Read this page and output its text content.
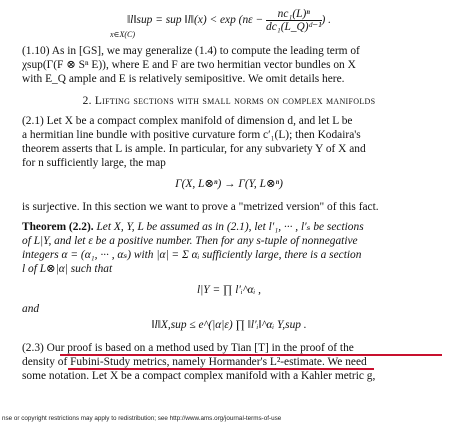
‖l‖sup = sup ‖l‖(x) < $\exp (n\varepsilon - \frac{\text{nc₁(L)ⁿ}}{\text{dc₁(L\_Q)ᵈ⁻¹}}$ ) .
x∈X(C)
(1.10) As in [GS], we may generalize (1.4) to compute the leading term of
χsup(Γ(F ⊗ Sⁿ E)), where E and F are two hermitian vector bundles on X
with E_Q ample and E is relatively semipositive. We omit details here.
2. Lifting sections with small norms on complex manifolds
(2.1) Let X be a compact complex manifold of dimension d, and let L be
a hermitian line bundle with positive curvature form c′₁(L); then Kodaira's
theorem asserts that L is ample. In particular, for any subvariety Y of X and
for n sufficiently large, the map
Γ(X, L⊗ⁿ) → Γ(Y, L⊗ⁿ)
is surjective. In this section we want to prove a "metrized version" of this fact.
Theorem (2.2). Let X, Y, L be assumed as in (2.1), let l′₁, ··· , l′ₛ be sections
of L|Y, and let ε be a positive number. Then for any s-tuple of nonnegative
integers α = (α₁, ··· , αₛ) with |α| = Σ αᵢ sufficiently large, there is a section
l of L⊗|α| such that
l|Y = ∏ l′ᵢ^αᵢ ,
and
‖l‖X,sup ≤ e^(|α|ε) ∏ ‖l′ᵢ‖^αᵢ Y,sup .
(2.3) Our proof is based on a method used by Tian [T] in the proof of the
density of Fubini-Study metrics, namely Hormander's L²-estimate. We need
some notation. Let X be a compact complex manifold with a Kahler metric g,
nse or copyright restrictions may apply to redistribution; see http://www.ams.org/journal-terms-of-use
